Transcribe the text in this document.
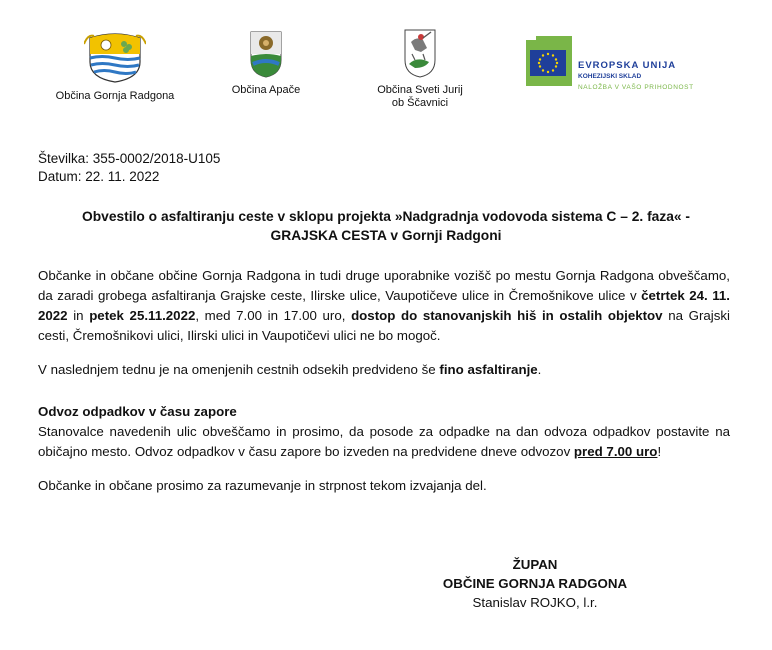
Občina Gornja Radgona	Občina Apače	Občina Sveti Jurij
ob Ščavnici
EVROPSKA UNIJA
KOHEZIJSKI SKLAD
NALOŽBA V VAŠO PRIHODNOST
Številka: 355-0002/2018-U105
Datum: 22. 11. 2022
Obvestilo o asfaltiranju ceste v sklopu projekta »Nadgradnja vodovoda sistema C – 2. faza« -
GRAJSKA CESTA v Gornji Radgoni
Občanke in občane občine Gornja Radgona in tudi druge uporabnike vozišč po mestu Gornja Radgona obveščamo, da zaradi grobega asfaltiranja Grajske ceste, Ilirske ulice, Vaupotičeve ulice in Čremošnikove ulice v četrtek 24. 11. 2022 in petek 25.11.2022, med 7.00 in 17.00 uro, dostop do stanovanjskih hiš in ostalih objektov na Grajski cesti, Čremošnikovi ulici, Ilirski ulici in Vaupotičevi ulici ne bo mogoč.
V naslednjem tednu je na omenjenih cestnih odsekih predvideno še fino asfaltiranje.
Odvoz odpadkov v času zapore
Stanovalce navedenih ulic obveščamo in prosimo, da posode za odpadke na dan odvoza odpadkov postavite na običajno mesto. Odvoz odpadkov v času zapore bo izveden na predvidene dneve odvozov pred 7.00 uro!
Občanke in občane prosimo za razumevanje in strpnost tekom izvajanja del.
ŽUPAN
OBČINE GORNJA RADGONA
Stanislav ROJKO, l.r.
